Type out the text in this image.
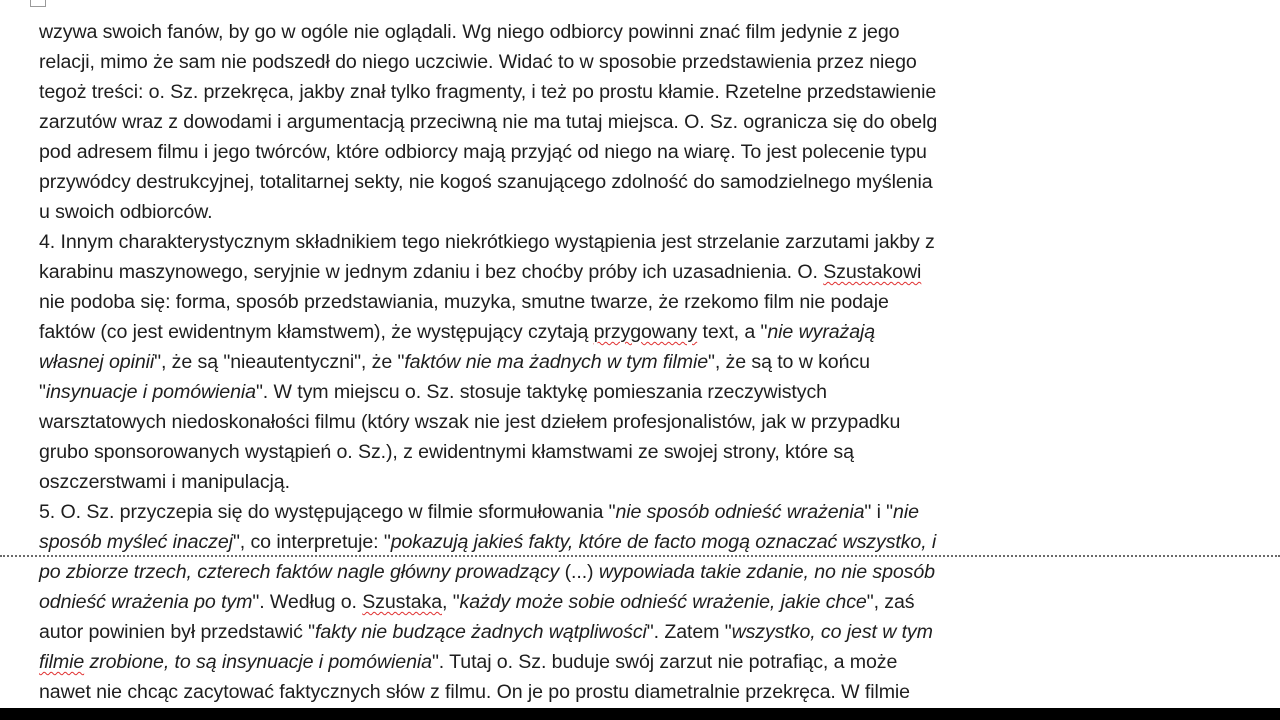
wzywa swoich fanów, by go w ogóle nie oglądali. Wg niego odbiorcy powinni znać film jedynie z jego
relacji, mimo że sam nie podszedł do niego uczciwie. Widać to w sposobie przedstawienia przez niego
tegoż treści: o. Sz. przekręca, jakby znał tylko fragmenty, i też po prostu kłamie. Rzetelne przedstawienie
zarzutów wraz z dowodami i argumentacją przeciwną nie ma tutaj miejsca. O. Sz. ogranicza się do obelg
pod adresem filmu i jego twórców, które odbiorcy mają przyjąć od niego na wiarę. To jest polecenie typu
przywódcy destrukcyjnej, totalitarnej sekty, nie kogoś szanującego zdolność do samodzielnego myślenia
u swoich odbiorców.
4. Innym charakterystycznym składnikiem tego niekrótkiego wystąpienia jest strzelanie zarzutami jakby z
karabinu maszynowego, seryjnie w jednym zdaniu i bez choćby próby ich uzasadnienia. O. Szustakowi
nie podoba się: forma, sposób przedstawiania, muzyka, smutne twarze, że rzekomo film nie podaje
faktów (co jest ewidentnym kłamstwem), że występujący czytają przygowany text, a "nie wyrażają
własnej opinii", że są "nieautentyczni", że "faktów nie ma żadnych w tym filmie", że są to w końcu
"insynuacje i pomówienia". W tym miejscu o. Sz. stosuje taktykę pomieszania rzeczywistych
warsztatowych niedoskonałości filmu (który wszak nie jest dziełem profesjonalistów, jak w przypadku
grubo sponsorowanych wystąpień o. Sz.), z ewidentnymi kłamstwami ze swojej strony, które są
oszczerstwami i manipulacją.
5. O. Sz. przyczepia się do występującego w filmie sformułowania "nie sposób odnieść wrażenia" i "nie
sposób myśleć inaczej", co interpretuje: "pokazują jakieś fakty, które de facto mogą oznaczać wszystko, i
po zbiorze trzech, czterech faktów nagle główny prowadzący (...) wypowiada takie zdanie, no nie sposób
odnieść wrażenia po tym". Według o. Szustaka, "każdy może sobie odnieść wrażenie, jakie chce", zaś
autor powinien był przedstawić "fakty nie budzące żadnych wątpliwości". Zatem "wszystko, co jest w tym
filmie zrobione, to są insynuacje i pomówienia". Tutaj o. Sz. buduje swój zarzut nie potrafiąc, a może
nawet nie chcąc zacytować faktycznych słów z filmu. On je po prostu diametralnie przekręca. W filmie
